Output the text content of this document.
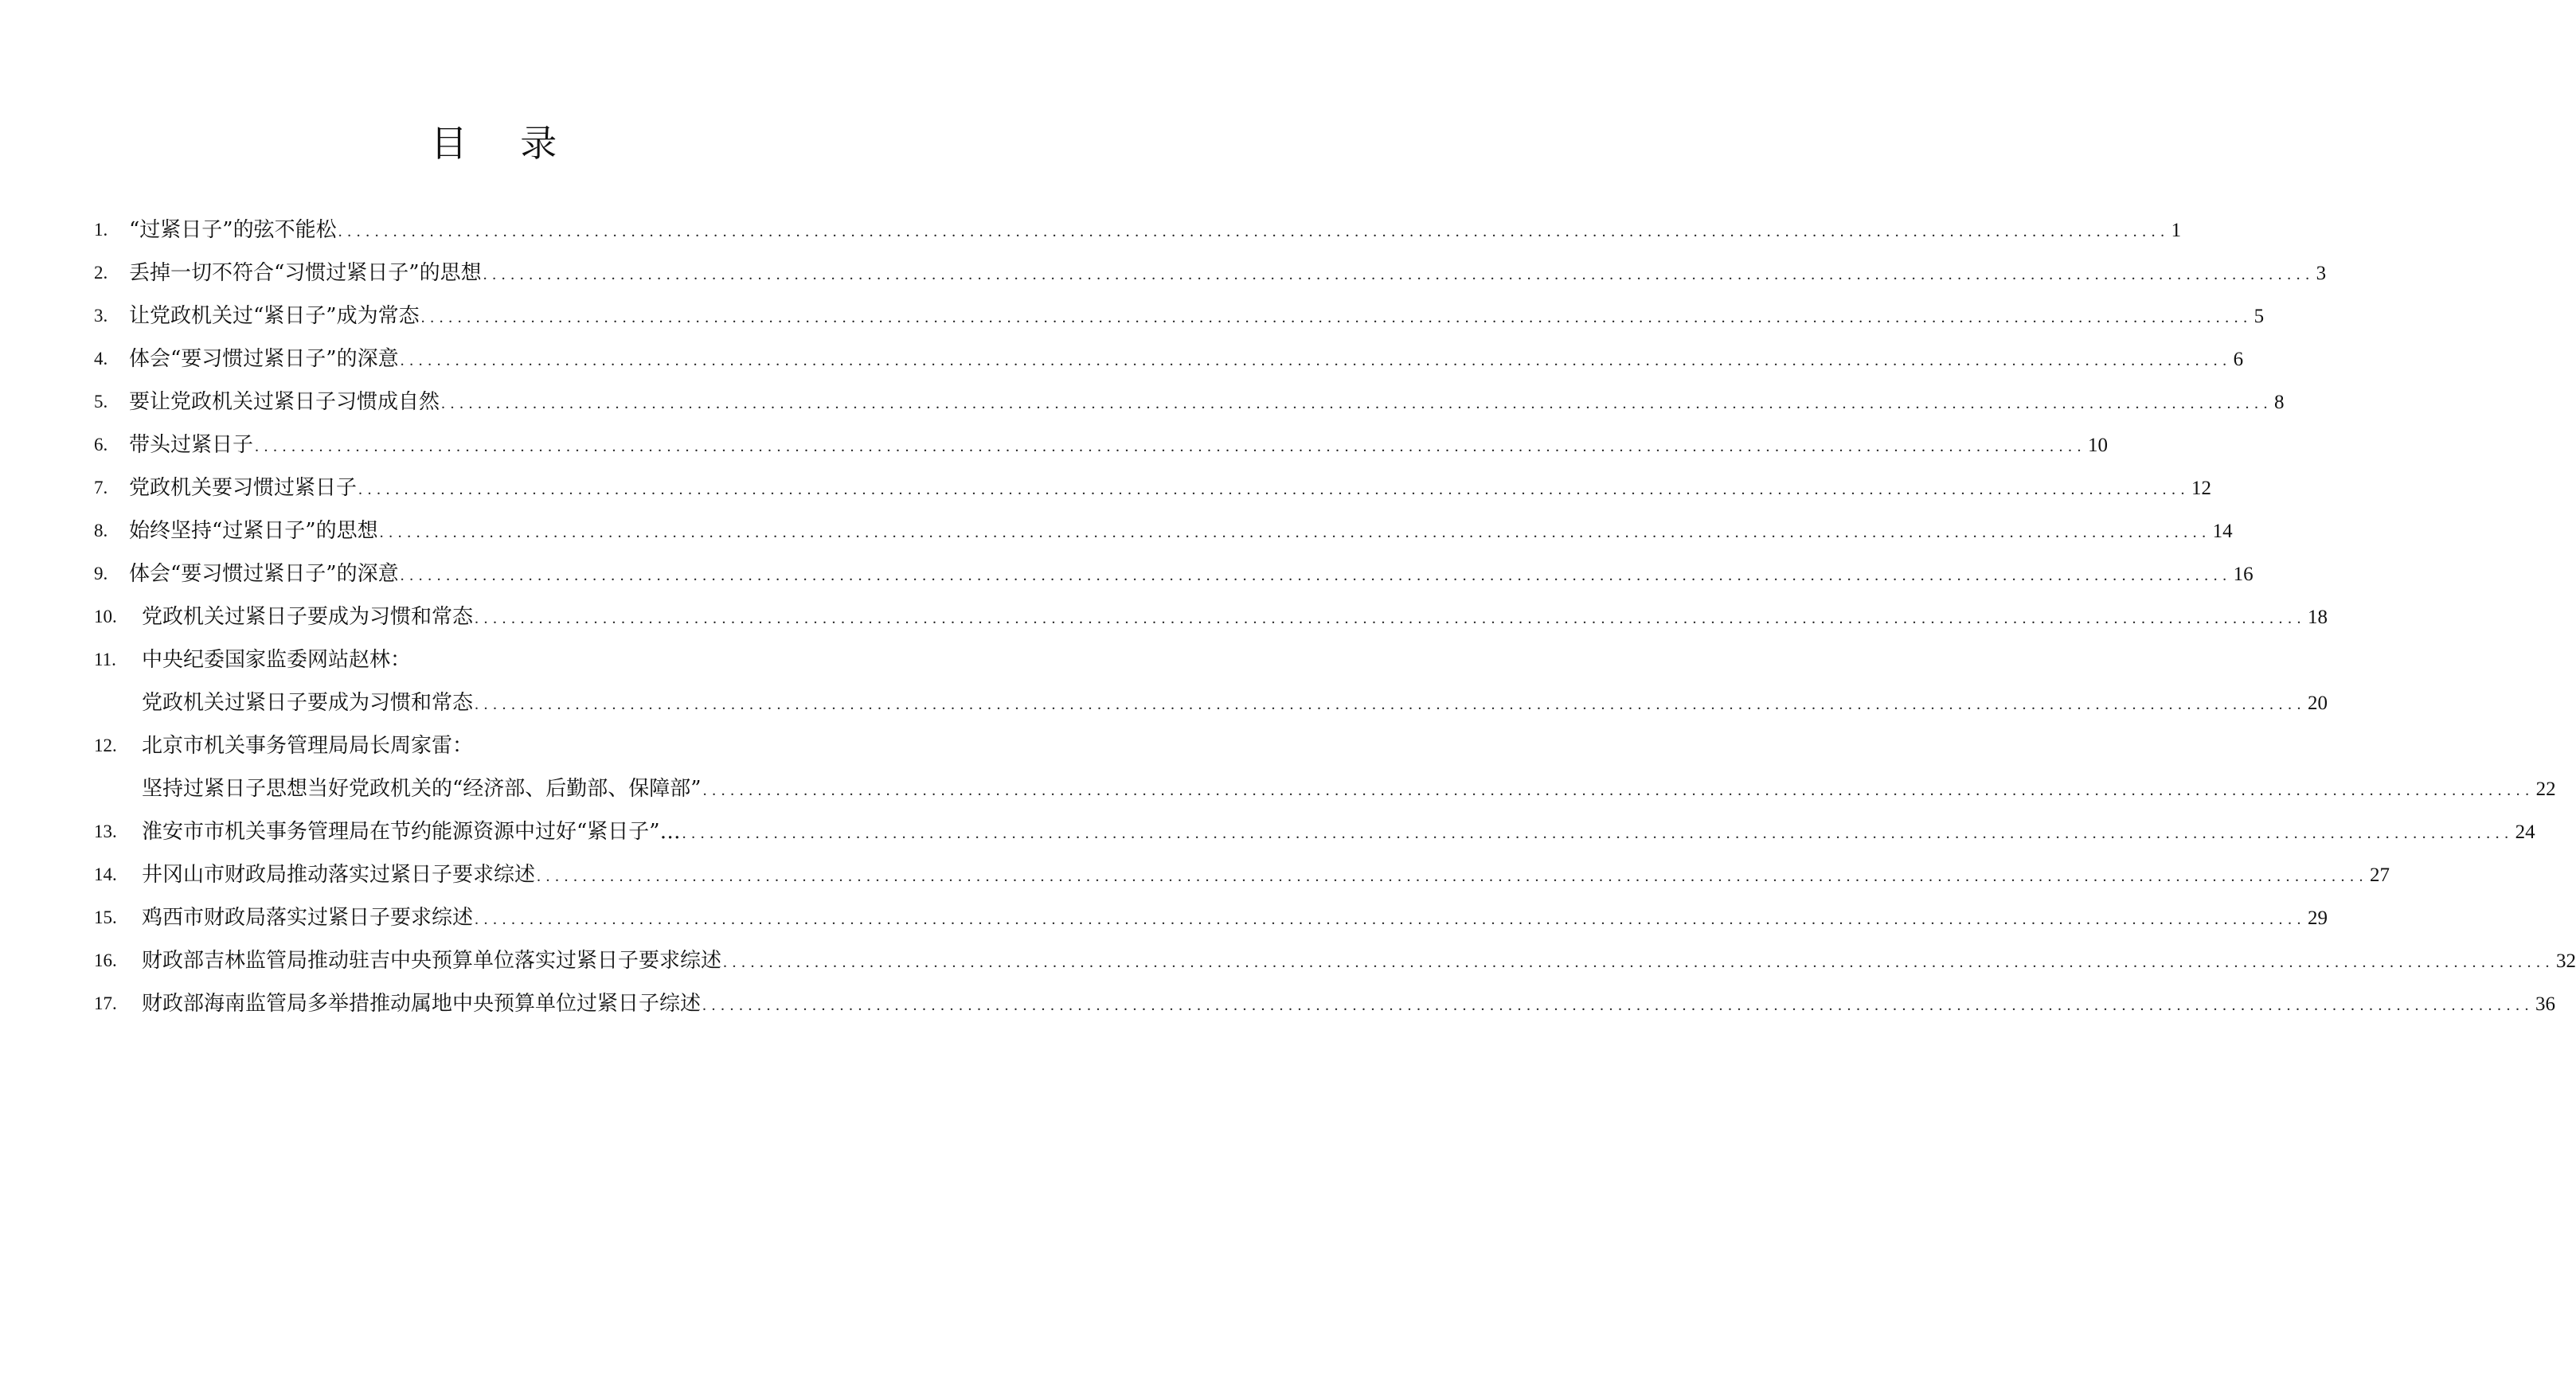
目 录
1. “过紧日子”的弦不能松 ........................................................................................................................................................................................................ 1
2. 丢掉一切不符合“习惯过紧日子”的思想 ........................................................................................................................................................................................................ 3
3. 让党政机关过“紧日子”成为常态 ........................................................................................................................................................................................................ 5
4. 体会“要习惯过紧日子”的深意 ........................................................................................................................................................................................................ 6
5. 要让党政机关过紧日子习惯成自然 ........................................................................................................................................................................................................ 8
6. 带头过紧日子 ........................................................................................................................................................................................................ 10
7. 党政机关要习惯过紧日子 ........................................................................................................................................................................................................ 12
8. 始终坚持“过紧日子”的思想 ........................................................................................................................................................................................................ 14
9. 体会“要习惯过紧日子”的深意 ........................................................................................................................................................................................................ 16
10. 党政机关过紧日子要成为习惯和常态 ........................................................................................................................................................................................................ 18
11. 中央纪委国家监委网站赵林：
党政机关过紧日子要成为习惯和常态 ........................................................................................................................................................................................................ 20
12. 北京市机关事务管理局局长周家雷：
坚持过紧日子思想当好党政机关的“经济部、后勤部、保障部” ........................................................................................................................................................................................................ 22
13. 淮安市市机关事务管理局在节约能源资源中过好“紧日子”… ........................................................................................................................................................................................................ 24
14. 井冈山市财政局推动落实过紧日子要求综述 ........................................................................................................................................................................................................ 27
15. 鸡西市财政局落实过紧日子要求综述 ........................................................................................................................................................................................................ 29
16. 财政部吉林监管局推动驻吉中央预算单位落实过紧日子要求综述 ........................................................................................................................................................................................................ 32
17. 财政部海南监管局多举措推动属地中央预算单位过紧日子综述 ........................................................................................................................................................................................................ 36
